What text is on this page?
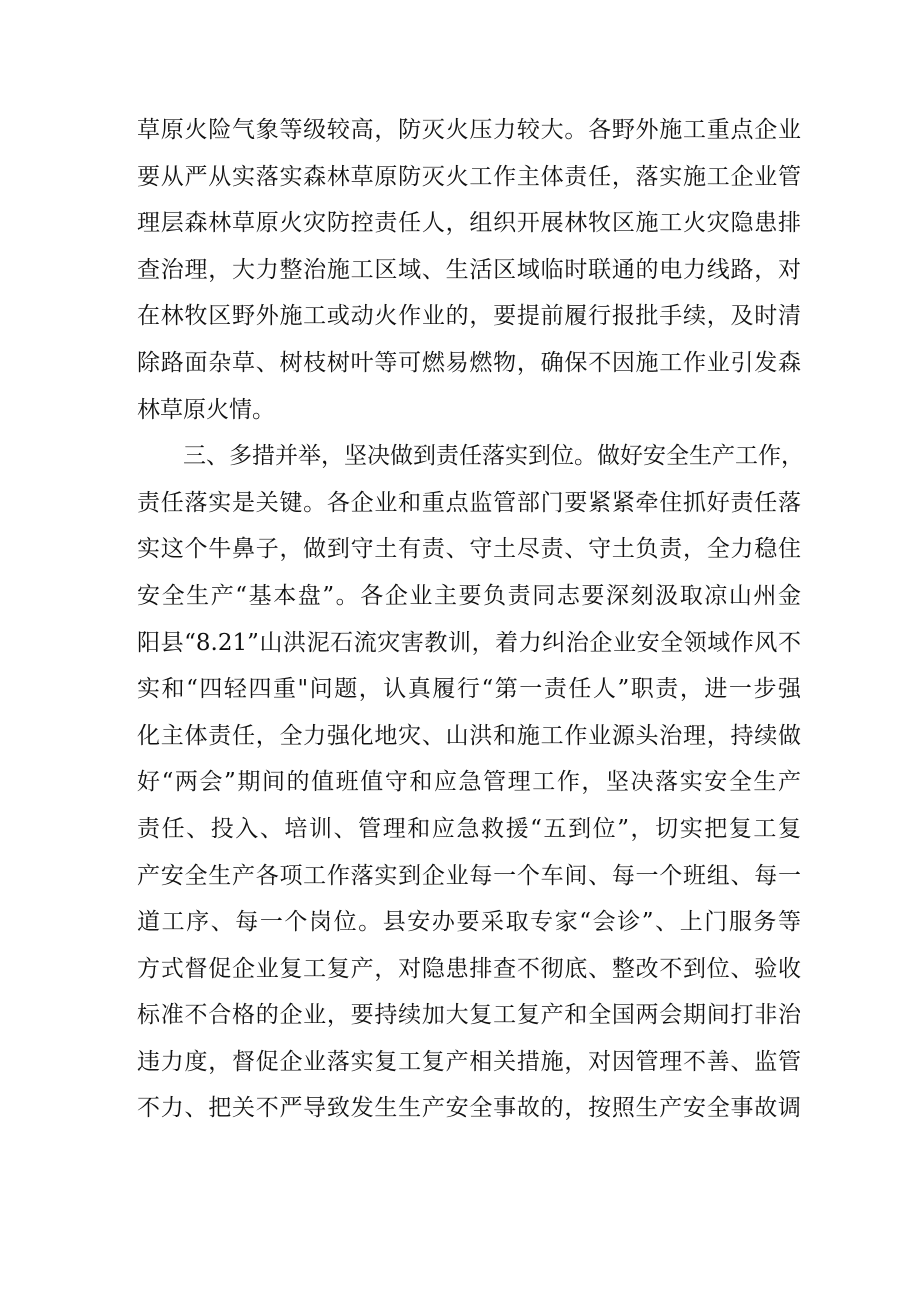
草原火险气象等级较高，防灭火压力较大。各野外施工重点企业
要从严从实落实森林草原防灭火工作主体责任，落实施工企业管
理层森林草原火灾防控责任人，组织开展林牧区施工火灾隐患排
查治理，大力整治施工区域、生活区域临时联通的电力线路，对
在林牧区野外施工或动火作业的，要提前履行报批手续，及时清
除路面杂草、树枝树叶等可燃易燃物，确保不因施工作业引发森
林草原火情。
三、多措并举，坚决做到责任落实到位。做好安全生产工作，
责任落实是关键。各企业和重点监管部门要紧紧牵住抓好责任落
实这个牛鼻子，做到守土有责、守土尽责、守土负责，全力稳住
安全生产“基本盘”。各企业主要负责同志要深刻汲取凉山州金
阳县“8.21”山洪泥石流灾害教训，着力纠治企业安全领域作风不
实和“四轻四重"问题，认真履行“第一责任人”职责，进一步强
化主体责任，全力强化地灾、山洪和施工作业源头治理，持续做
好“两会”期间的值班值守和应急管理工作，坚决落实安全生产
责任、投入、培训、管理和应急救援“五到位”，切实把复工复
产安全生产各项工作落实到企业每一个车间、每一个班组、每一
道工序、每一个岗位。县安办要采取专家“会诊”、上门服务等
方式督促企业复工复产，对隐患排查不彻底、整改不到位、验收
标准不合格的企业，要持续加大复工复产和全国两会期间打非治
违力度，督促企业落实复工复产相关措施，对因管理不善、监管
不力、把关不严导致发生生产安全事故的，按照生产安全事故调
